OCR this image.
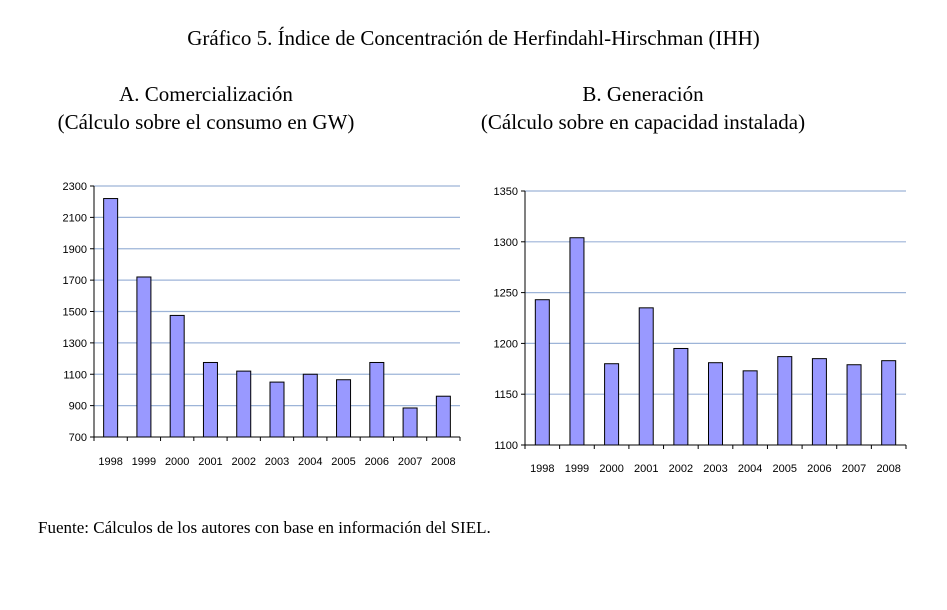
Gráfico 5. Índice de Concentración de Herfindahl-Hirschman (IHH)
A. Comercialización
(Cálculo sobre el consumo en GW)
B. Generación
(Cálculo sobre en capacidad instalada)
700
900
1100
1300
1500
1700
1900
2100
2300
1998 1999 2000 2001 2002 2003 2004 2005 2006 2007 2008
1100
1150
1200
1250
1300
1350
1998 1999 2000 2001 2002 2003 2004 2005 2006 2007 2008
Fuente: Cálculos de los autores con base en información del SIEL.
